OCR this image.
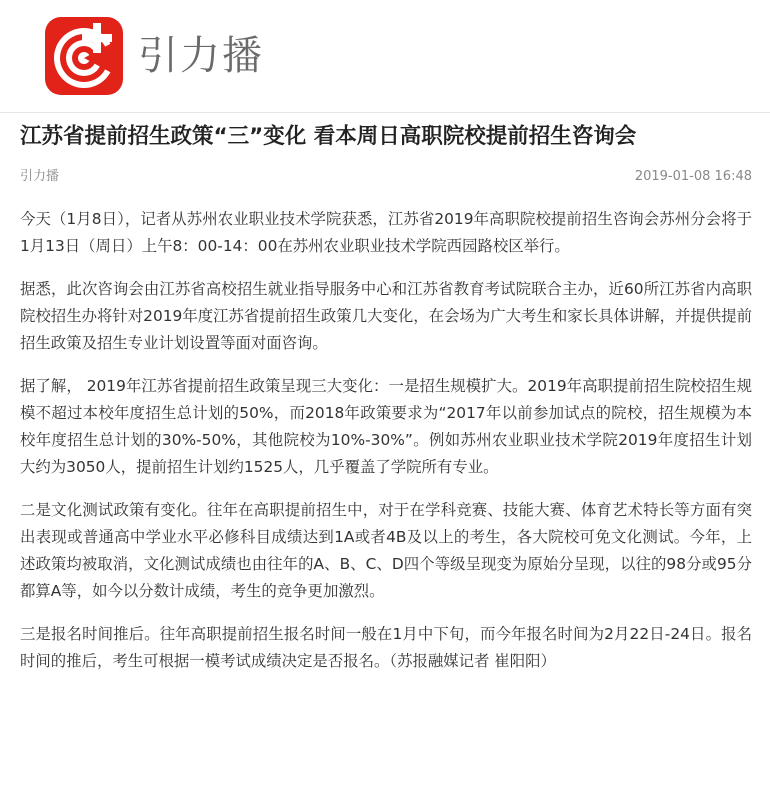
引力播
江苏省提前招生政策“三”变化 看本周日高职院校提前招生咨询会
引力播	2019-01-08 16:48

今天（1月8日），记者从苏州农业职业技术学院获悉，江苏省2019年高职院校提前招生咨询会苏州分会将于1月13日（周日）上午8：00-14：00在苏州农业职业技术学院西园路校区举行。

据悉，此次咨询会由江苏省高校招生就业指导服务中心和江苏省教育考试院联合主办，近60所江苏省内高职院校招生办将针对2019年度江苏省提前招生政策几大变化，在会场为广大考生和家长具体讲解，并提供提前招生政策及招生专业计划设置等面对面咨询。

据了解， 2019年江苏省提前招生政策呈现三大变化：一是招生规模扩大。2019年高职提前招生院校招生规模不超过本校年度招生总计划的50%，而2018年政策要求为“2017年以前参加试点的院校，招生规模为本校年度招生总计划的30%-50%，其他院校为10%-30%”。例如苏州农业职业技术学院2019年度招生计划大约为3050人，提前招生计划约1525人，几乎覆盖了学院所有专业。

二是文化测试政策有变化。往年在高职提前招生中，对于在学科竞赛、技能大赛、体育艺术特长等方面有突出表现或普通高中学业水平必修科目成绩达到1A或者4B及以上的考生，各大院校可免文化测试。今年，上述政策均被取消，文化测试成绩也由往年的A、B、C、D四个等级呈现变为原始分呈现，以往的98分或95分都算A等，如今以分数计成绩，考生的竞争更加激烈。

三是报名时间推后。往年高职提前招生报名时间一般在1月中下旬，而今年报名时间为2月22日-24日。报名时间的推后，考生可根据一模考试成绩决定是否报名。（苏报融媒记者 崔阳阳）
